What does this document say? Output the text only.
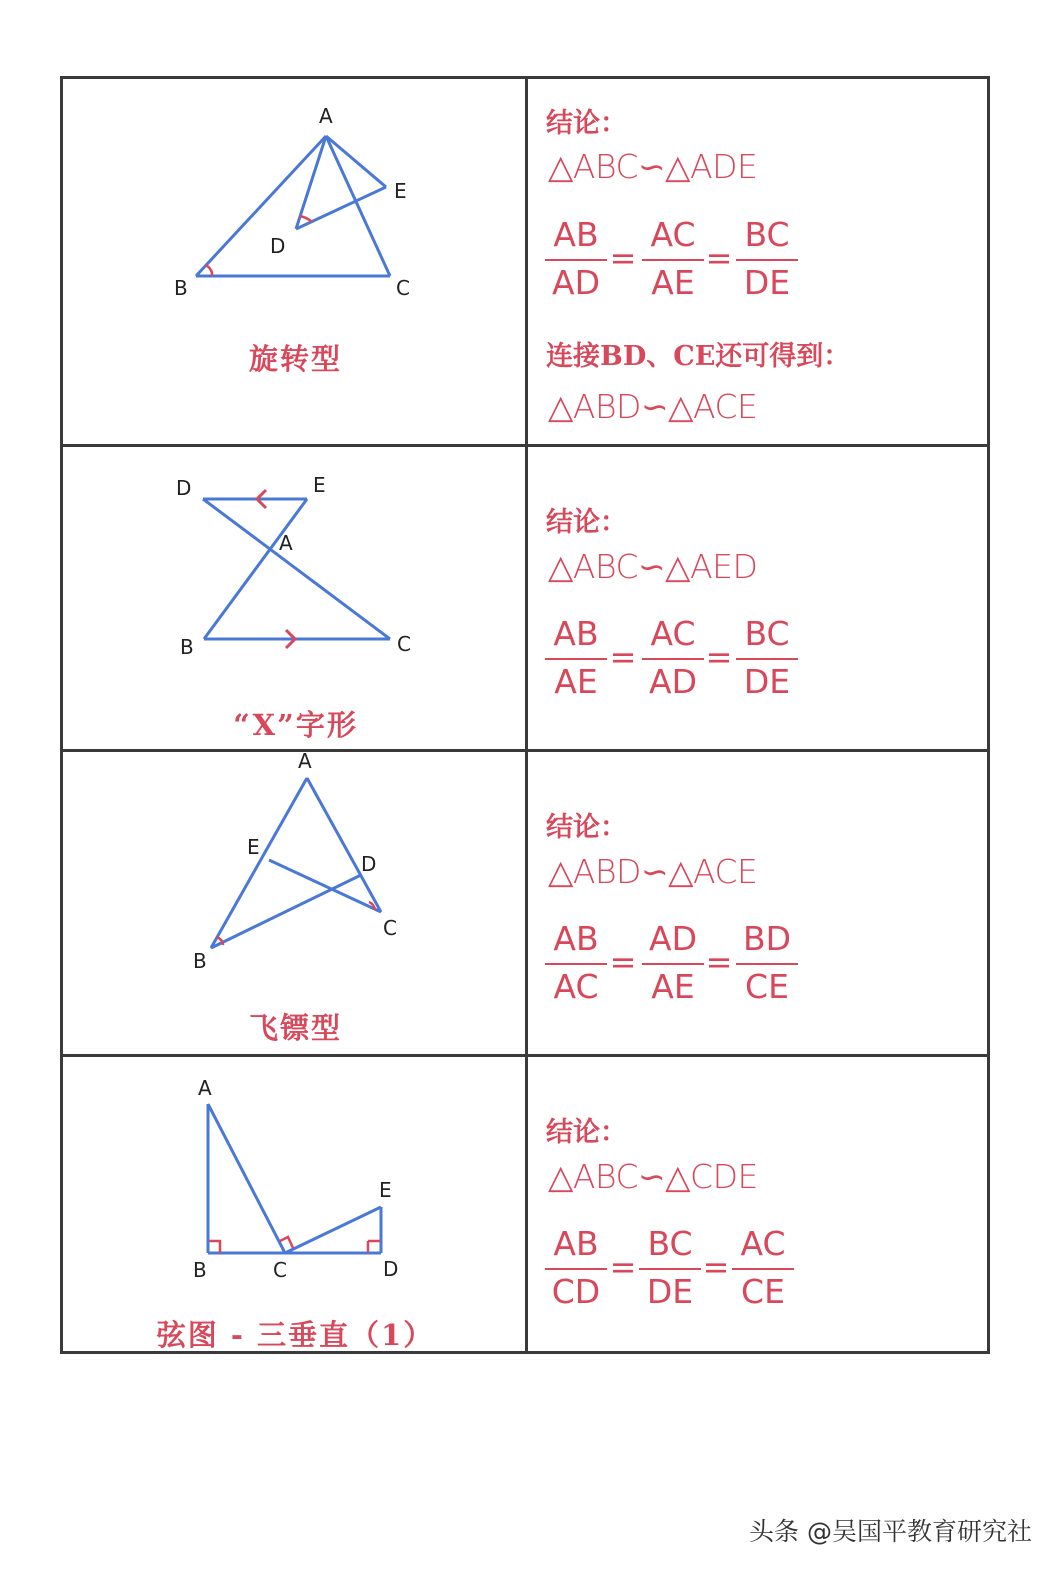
A
B	C
D
E
旋转型
结论：
△ABC∽△ADE
AB
AD
=
AC
AE
=
BC
DE
连接BD、CE还可得到：
△ABD∽△ACE
D	E
A
B	C
“X”字形
结论：
△ABC∽△AED
AB
AE
=
AC
AD
=
BC
DE
A
E
D
C
B
飞镖型
结论：
△ABD∽△ACE
AB
AC
=
AD
AE
=
BD
CE
A
B	C	D
E
弦图 - 三垂直（1）
结论：
△ABC∽△CDE
AB
CD
=
BC
DE
=
AC
CE
头条 @吴国平教育研究社
